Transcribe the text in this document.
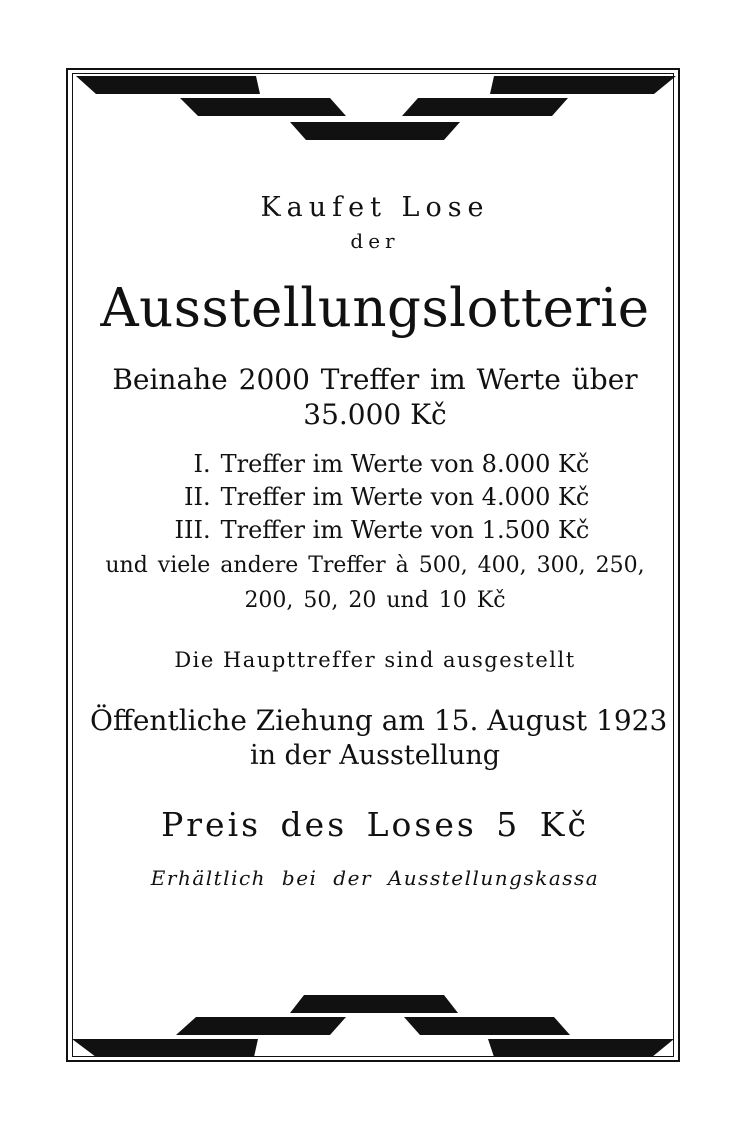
Kaufet Lose
der
Ausstellungslotterie
Beinahe 2000 Treffer im Werte über
35.000 Kč
I. Treffer im Werte von 8.000 Kč
II. Treffer im Werte von 4.000 Kč
III. Treffer im Werte von 1.500 Kč
und viele andere Treffer à 500, 400, 300, 250,
200, 50, 20 und 10 Kč
Die Haupttreffer sind ausgestellt
Öffentliche Ziehung am 15. August 1923
in der Ausstellung
Preis des Loses 5 Kč
Erhältlich bei der Ausstellungskassa
